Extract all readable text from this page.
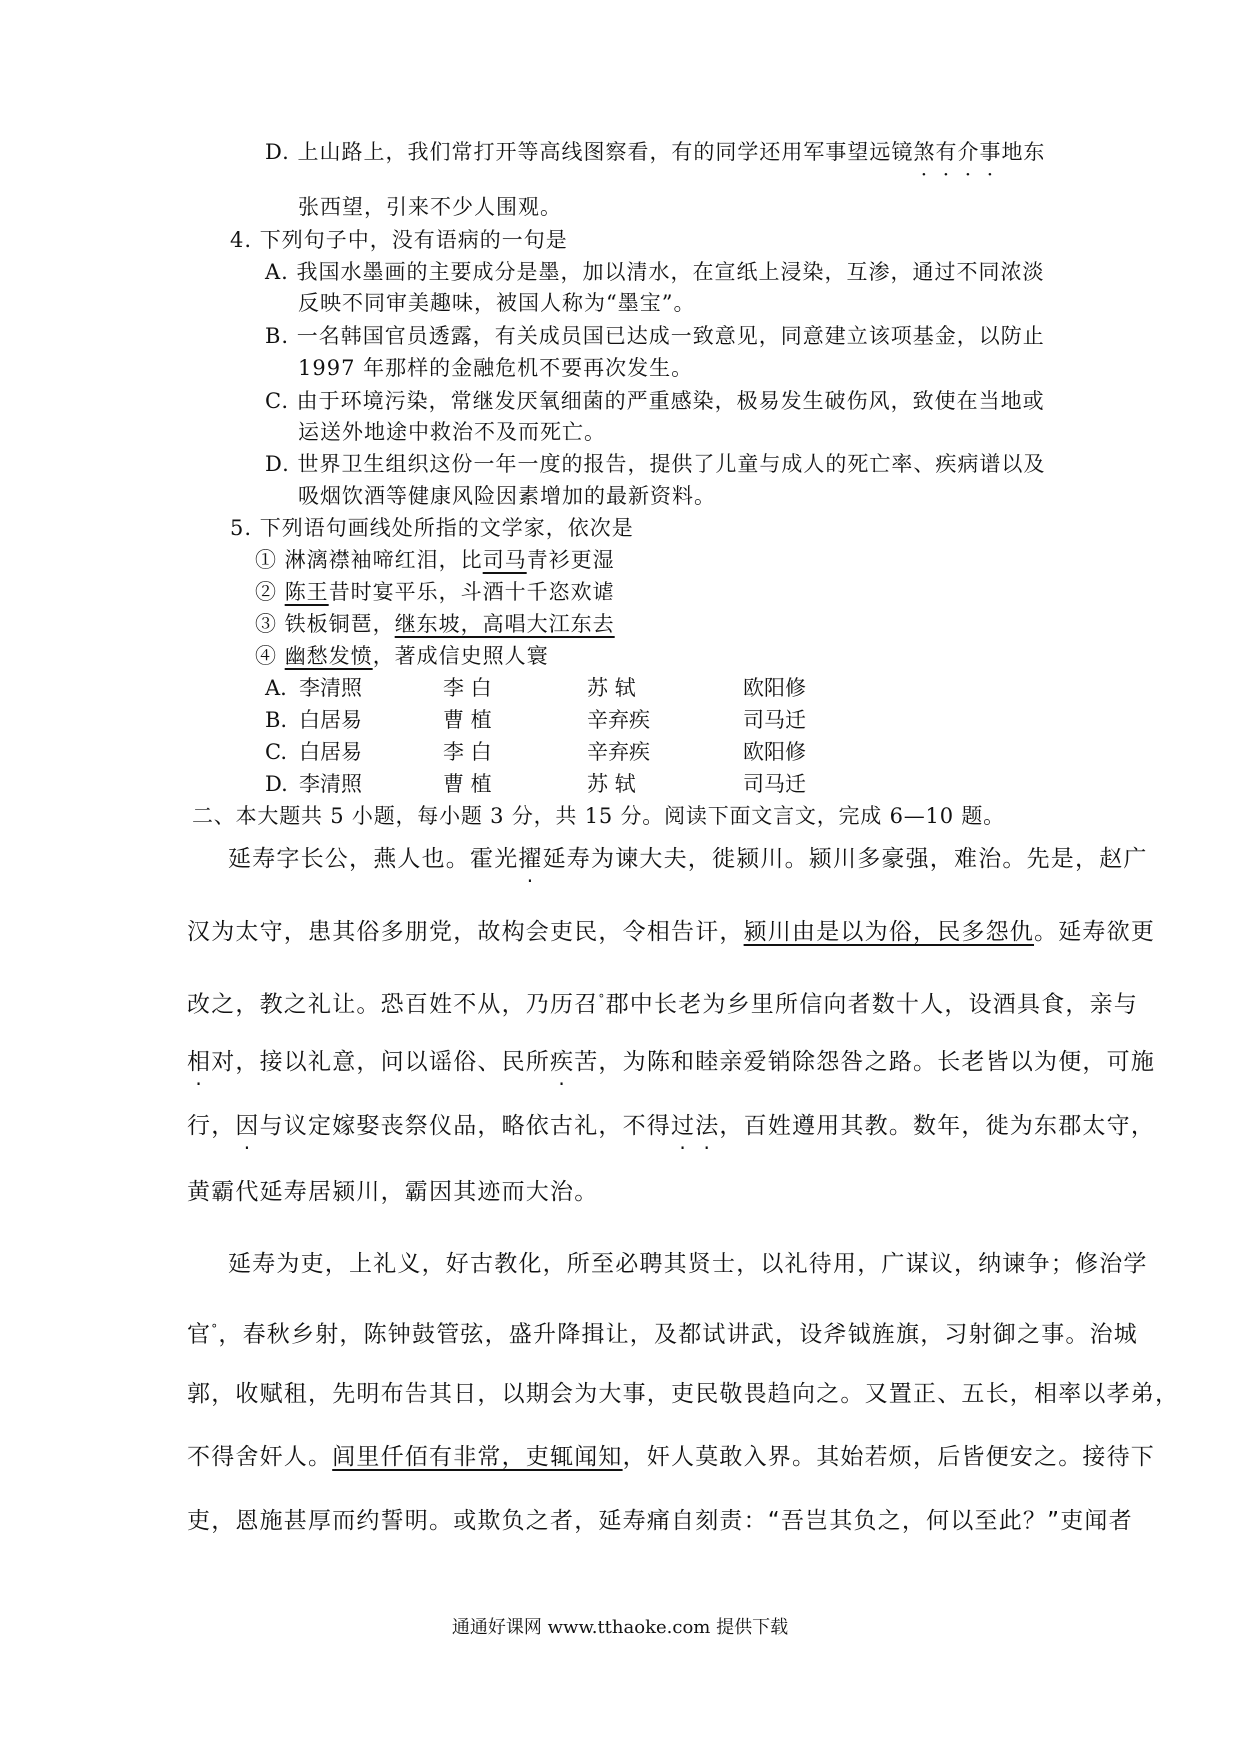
D. 上山路上，我们常打开等高线图察看，有的同学还用军事望远镜煞有介事地东
张西望，引来不少人围观。
4. 下列句子中，没有语病的一句是
A. 我国水墨画的主要成分是墨，加以清水，在宣纸上浸染，互渗，通过不同浓淡
反映不同审美趣味，被国人称为“墨宝”。
B. 一名韩国官员透露，有关成员国已达成一致意见，同意建立该项基金，以防止
1997 年那样的金融危机不要再次发生。
C. 由于环境污染，常继发厌氧细菌的严重感染，极易发生破伤风，致使在当地或
运送外地途中救治不及而死亡。
D. 世界卫生组织这份一年一度的报告，提供了儿童与成人的死亡率、疾病谱以及
吸烟饮酒等健康风险因素增加的最新资料。
5. 下列语句画线处所指的文学家，依次是
① 淋漓襟袖啼红泪，比司马青衫更湿
② 陈王昔时宴平乐，斗酒十千恣欢谑
③ 铁板铜琶，继东坡，高唱大江东去
④ 幽愁发愤，著成信史照人寰
A. 李清照	李 白	苏 轼	欧阳修
B. 白居易	曹 植	辛弃疾	司马迁
C. 白居易	李 白	辛弃疾	欧阳修
D. 李清照	曹 植	苏 轼	司马迁
二、本大题共 5 小题，每小题 3 分，共 15 分。阅读下面文言文，完成 6—10 题。
延寿字长公，燕人也。霍光擢延寿为谏大夫，徙颍川。颍川多豪强，难治。先是，赵广
汉为太守，患其俗多朋党，故构会吏民，令相告讦，颍川由是以为俗，民多怨仇。延寿欲更
改之，教之礼让。恐百姓不从，乃历召°郡中长老为乡里所信向者数十人，设酒具食，亲与
相对，接以礼意，问以谣俗、民所疾苦，为陈和睦亲爱销除怨咎之路。长老皆以为便，可施
行，因与议定嫁娶丧祭仪品，略依古礼，不得过法，百姓遵用其教。数年，徙为东郡太守，
黄霸代延寿居颍川，霸因其迹而大治。
延寿为吏，上礼义，好古教化，所至必聘其贤士，以礼待用，广谋议，纳谏争；修治学
官°，春秋乡射，陈钟鼓管弦，盛升降揖让，及都试讲武，设斧钺旌旗，习射御之事。治城
郭，收赋租，先明布告其日，以期会为大事，吏民敬畏趋向之。又置正、五长，相率以孝弟，
不得舍奸人。闾里仟佰有非常，吏辄闻知，奸人莫敢入界。其始若烦，后皆便安之。接待下
吏，恩施甚厚而约誓明。或欺负之者，延寿痛自刻责：“吾岂其负之，何以至此？”吏闻者
通通好课网 www.tthaoke.com 提供下载
